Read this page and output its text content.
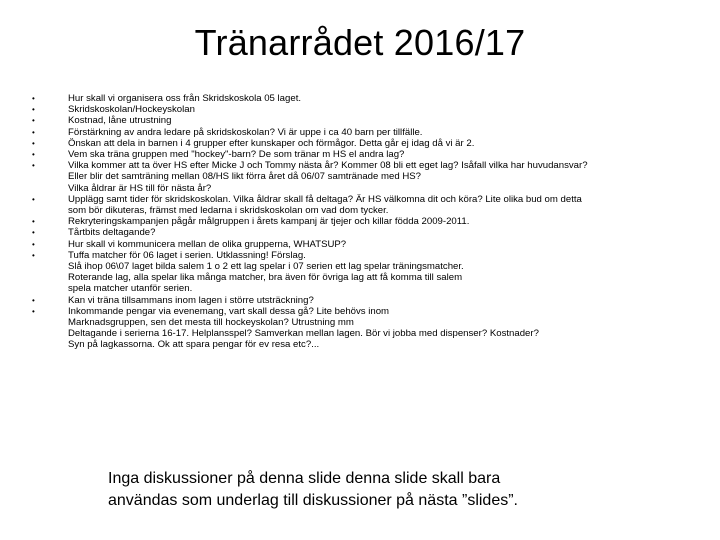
Tränarrådet 2016/17
•	Hur skall vi organisera oss från Skridskoskola 05 laget.
•	Skridskoskolan/Hockeyskolan
•	Kostnad, låne utrustning
•	Förstärkning av andra ledare på skridskoskolan? Vi är uppe i ca 40 barn per tillfälle.
•	Önskan att dela in barnen i 4 grupper efter kunskaper och förmågor. Detta går ej idag då vi är 2.
•	Vem ska träna gruppen med "hockey"-barn? De som tränar m HS el andra lag?
•	Vilka kommer att ta över HS efter Micke J och Tommy nästa år? Kommer 08 bli ett eget lag? Isåfall vilka har huvudansvar?
Eller blir det samträning mellan 08/HS likt förra året då 06/07 samtränade med HS?
Vilka åldrar är HS till för nästa år?
•	Upplägg samt tider för skridskoskolan. Vilka åldrar skall få deltaga? Är HS välkomna dit och köra? Lite olika bud om detta
som bör dikuteras, främst med ledarna i skridskoskolan om vad dom tycker.
•	Rekryteringskampanjen pågår målgruppen i årets kampanj är tjejer och killar födda 2009-2011.
•	Tårtbits deltagande?
•	Hur skall vi kommunicera mellan de olika grupperna, WHATSUP?
•	Tuffa matcher för 06 laget i serien. Utklassning! Förslag.
Slå ihop 06\07 laget bilda salem 1 o 2 ett lag spelar i 07 serien ett lag spelar träningsmatcher.
Roterande lag, alla spelar lika många matcher, bra även för övriga lag att få komma till salem
spela matcher utanför serien.
•	Kan vi träna tillsammans inom lagen i större utsträckning?
•	Inkommande pengar via evenemang, vart skall dessa gå? Lite behövs inom
Marknadsgruppen, sen det mesta till hockeyskolan? Utrustning mm
Deltagande i serierna 16-17. Helplansspel? Samverkan mellan lagen. Bör vi jobba med dispenser? Kostnader?
Syn på lagkassorna. Ok att spara pengar för ev resa etc?...
Inga diskussioner på denna slide denna slide skall bara
användas som underlag till diskussioner på nästa ”slides”.
